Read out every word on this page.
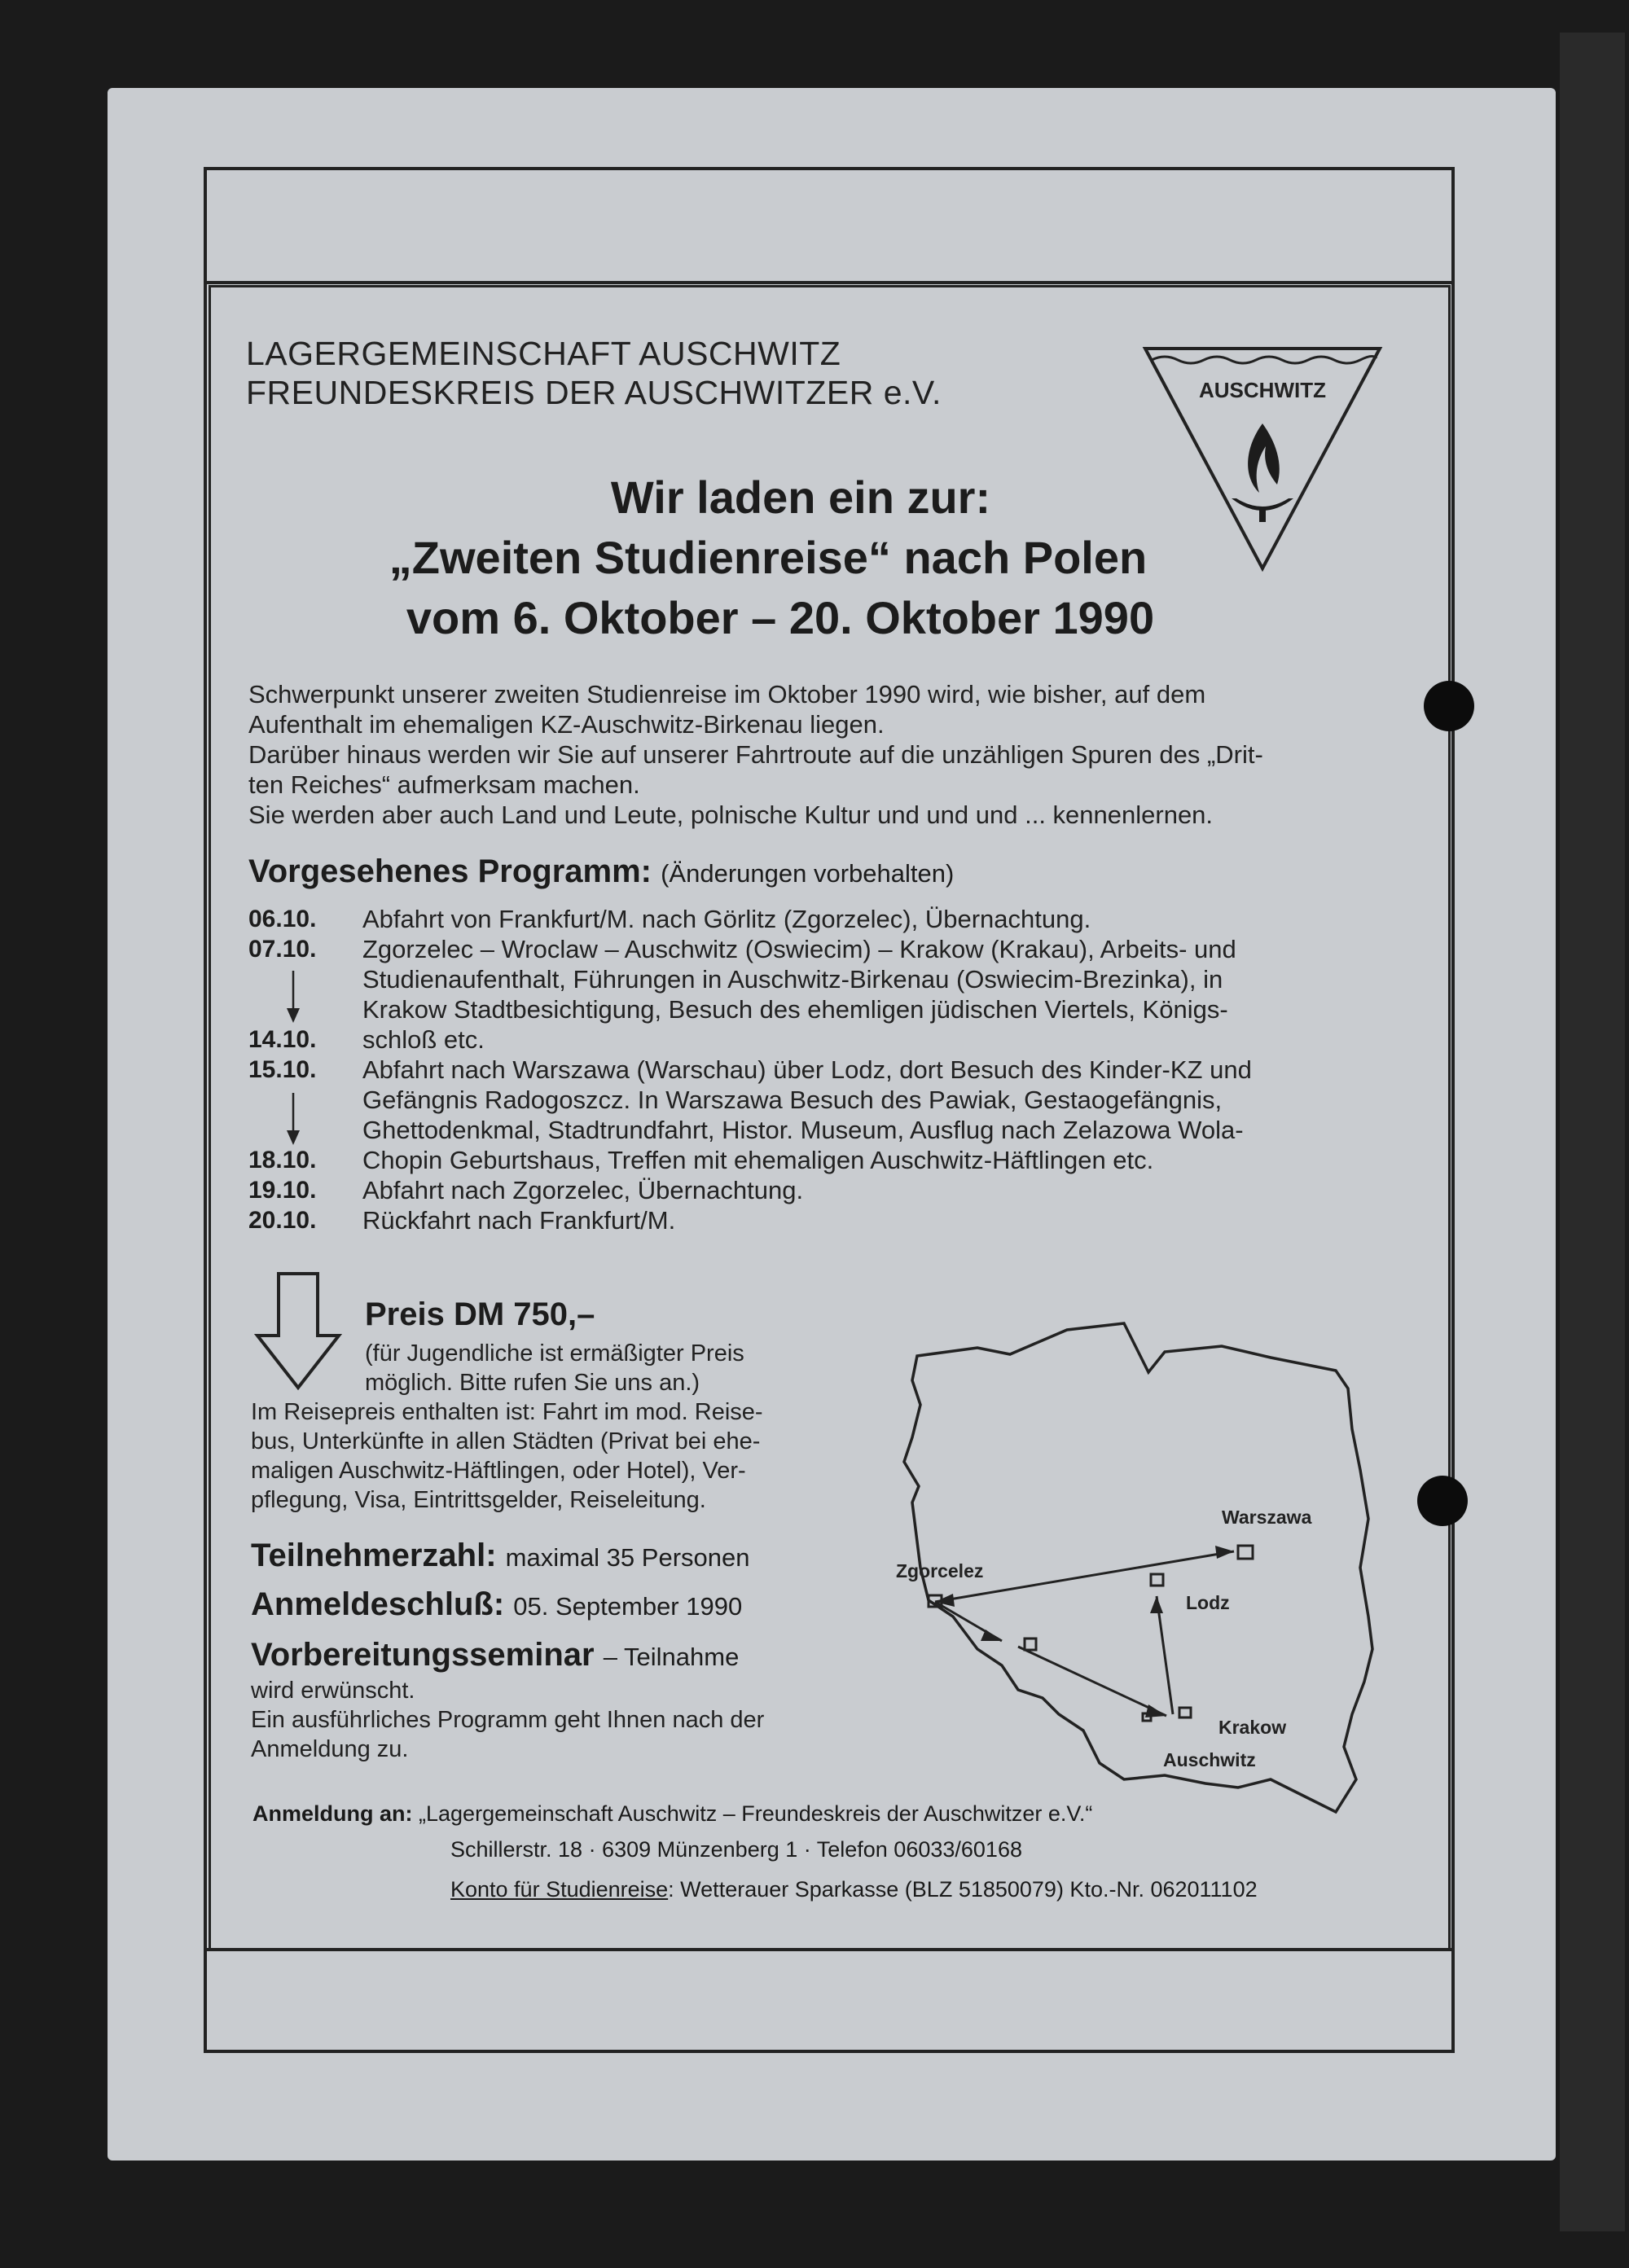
LAGERGEMEINSCHAFT AUSCHWITZ
FREUNDESKREIS DER AUSCHWITZER e.V.	AUSCHWITZ
Wir laden ein zur:
„Zweiten Studienreise“ nach Polen
vom 6. Oktober – 20. Oktober 1990
Schwerpunkt unserer zweiten Studienreise im Oktober 1990 wird, wie bisher, auf dem
Aufenthalt im ehemaligen KZ-Auschwitz-Birkenau liegen.
Darüber hinaus werden wir Sie auf unserer Fahrtroute auf die unzähligen Spuren des „Drit-
ten Reiches“ aufmerksam machen.
Sie werden aber auch Land und Leute, polnische Kultur und und und ... kennenlernen.
Vorgesehenes Programm: (Änderungen vorbehalten)
06.10. Abfahrt von Frankfurt/M. nach Görlitz (Zgorzelec), Übernachtung.
07.10. Zgorzelec – Wroclaw – Auschwitz (Oswiecim) – Krakow (Krakau), Arbeits- und
Studienaufenthalt, Führungen in Auschwitz-Birkenau (Oswiecim-Brezinka), in
Krakow Stadtbesichtigung, Besuch des ehemligen jüdischen Viertels, Königs-
14.10. schloß etc.
15.10. Abfahrt nach Warszawa (Warschau) über Lodz, dort Besuch des Kinder-KZ und
Gefängnis Radogoszcz. In Warszawa Besuch des Pawiak, Gestaogefängnis,
Ghettodenkmal, Stadtrundfahrt, Histor. Museum, Ausflug nach Zelazowa Wola-
18.10. Chopin Geburtshaus, Treffen mit ehemaligen Auschwitz-Häftlingen etc.
19.10. Abfahrt nach Zgorzelec, Übernachtung.
20.10. Rückfahrt nach Frankfurt/M.
Preis DM 750,–
(für Jugendliche ist ermäßigter Preis
möglich. Bitte rufen Sie uns an.)
Im Reisepreis enthalten ist: Fahrt im mod. Reise-
bus, Unterkünfte in allen Städten (Privat bei ehe-
maligen Auschwitz-Häftlingen, oder Hotel), Ver-
pflegung, Visa, Eintrittsgelder, Reiseleitung.
Teilnehmerzahl: maximal 35 Personen
Anmeldeschluß: 05. September 1990
Vorbereitungsseminar – Teilnahme
wird erwünscht.
Ein ausführliches Programm geht Ihnen nach der
Anmeldung zu.
Warszawa
Zgorcelez
Lodz
Krakow
Auschwitz
Anmeldung an: „Lagergemeinschaft Auschwitz – Freundeskreis der Auschwitzer e.V.“
Schillerstr. 18 · 6309 Münzenberg 1 · Telefon 06033/60168
Konto für Studienreise: Wetterauer Sparkasse (BLZ 51850079) Kto.-Nr. 062011102
